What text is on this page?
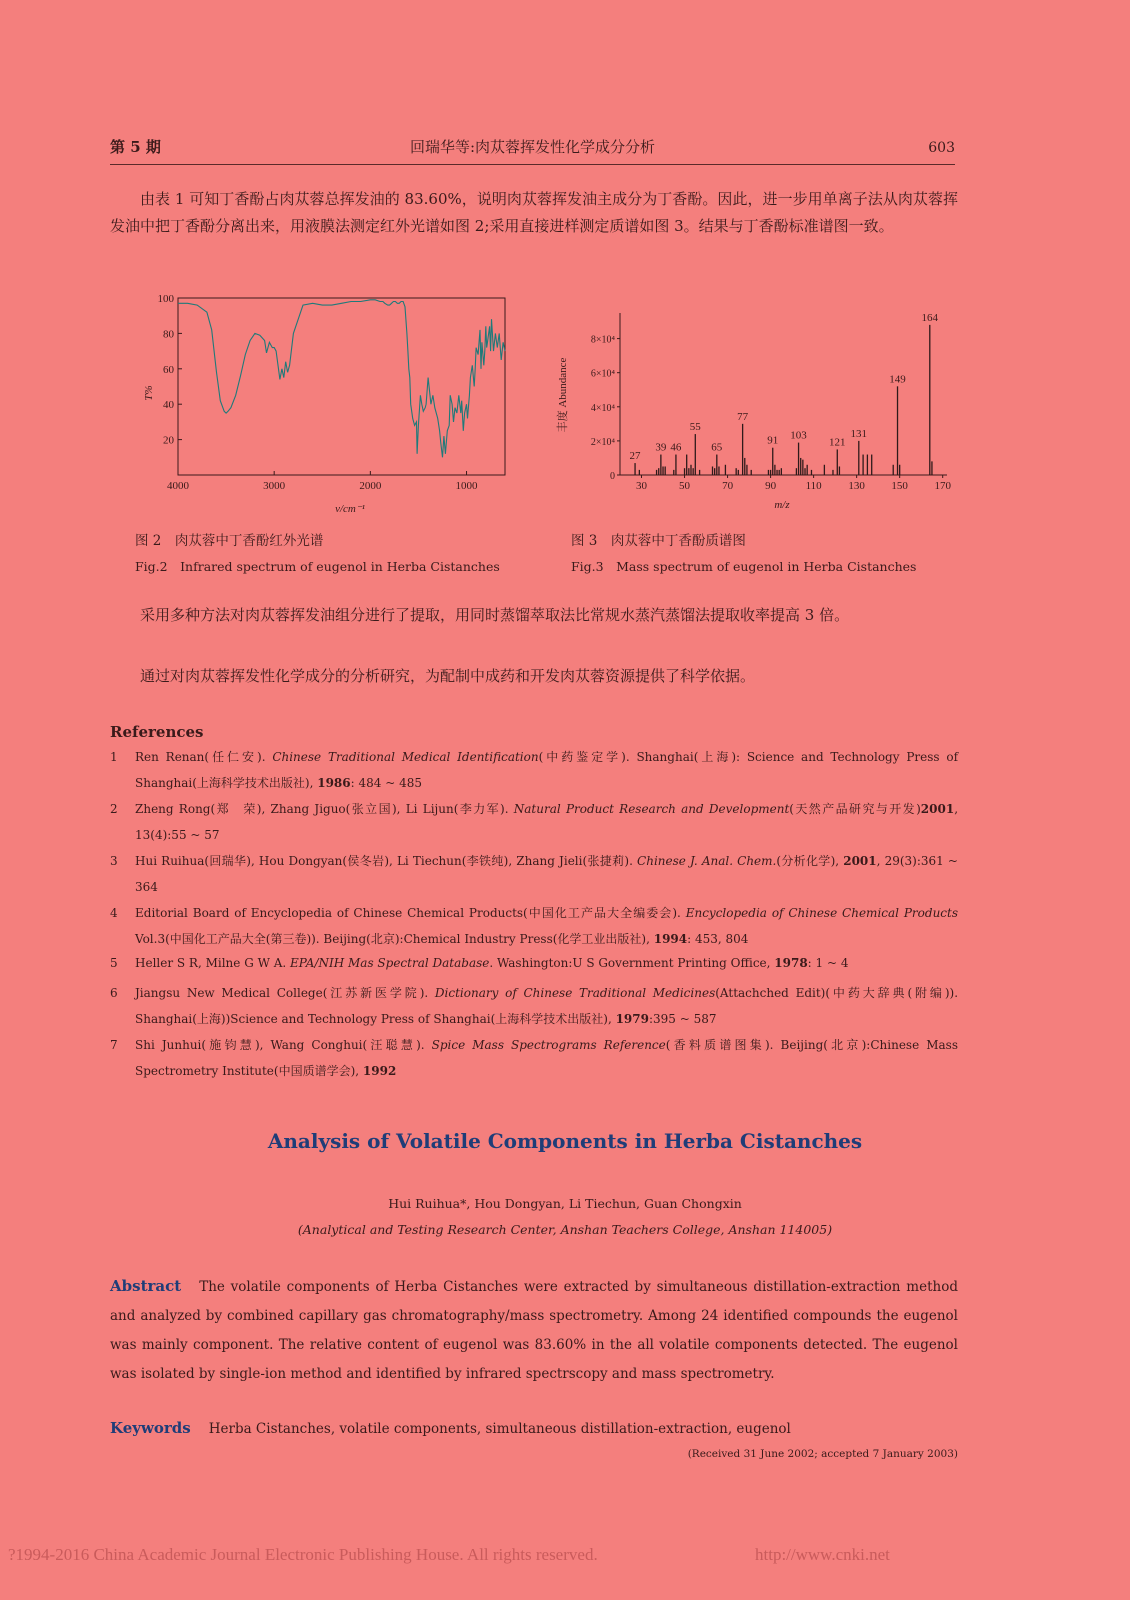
第 5 期	回瑞华等:肉苁蓉挥发性化学成分分析	603

由表 1 可知丁香酚占肉苁蓉总挥发油的 83.60%，说明肉苁蓉挥发油主成分为丁香酚。因此，进一步用单离子法从肉苁蓉挥发油中把丁香酚分离出来，用液膜法测定红外光谱如图 2;采用直接进样测定质谱如图 3。结果与丁香酚标准谱图一致。

4000	3000	2000	1000
100
80
60
40
20
v/cm⁻¹
T%
27
39 46
55
65
77
91 103
121
131
149
164
30	50	70	90	110 130 150 170
8×10⁴
6×10⁴
4×10⁴
2×10⁴
0
m/z
丰度 Abundance
图 2　肉苁蓉中丁香酚红外光谱
Fig.2　Infrared spectrum of eugenol in Herba Cistanches
图 3　肉苁蓉中丁香酚质谱图
Fig.3　Mass spectrum of eugenol in Herba Cistanches

采用多种方法对肉苁蓉挥发油组分进行了提取，用同时蒸馏萃取法比常规水蒸汽蒸馏法提取收率提高 3 倍。

通过对肉苁蓉挥发性化学成分的分析研究，为配制中成药和开发肉苁蓉资源提供了科学依据。

References
1 Ren Renan(任仁安). Chinese Traditional Medical Identification(中药鉴定学). Shanghai(上海): Science and Technology Press of Shanghai(上海科学技术出版社), 1986: 484 ~ 485
2 Zheng Rong(郑　荣), Zhang Jiguo(张立国), Li Lijun(李力军). Natural Product Research and Development(天然产品研究与开发)2001, 13(4):55 ~ 57
3 Hui Ruihua(回瑞华), Hou Dongyan(侯冬岩), Li Tiechun(李铁纯), Zhang Jieli(张捷莉). Chinese J. Anal. Chem.(分析化学), 2001, 29(3):361 ~ 364
4 Editorial Board of Encyclopedia of Chinese Chemical Products(中国化工产品大全编委会). Encyclopedia of Chinese Chemical Products Vol.3(中国化工产品大全(第三卷)). Beijing(北京):Chemical Industry Press(化学工业出版社), 1994: 453, 804
5 Heller S R, Milne G W A. EPA/NIH Mas Spectral Database. Washington:U S Government Printing Office, 1978: 1 ~ 4
6 Jiangsu New Medical College(江苏新医学院). Dictionary of Chinese Traditional Medicines(Attachched Edit)(中药大辞典(附编)). Shanghai(上海))Science and Technology Press of Shanghai(上海科学技术出版社), 1979:395 ~ 587
7 Shi Junhui(施钧慧), Wang Conghui(汪聪慧). Spice Mass Spectrograms Reference(香料质谱图集). Beijing(北京):Chinese Mass Spectrometry Institute(中国质谱学会), 1992
Analysis of Volatile Components in Herba Cistanches
Hui Ruihua*, Hou Dongyan, Li Tiechun, Guan Chongxin
(Analytical and Testing Research Center, Anshan Teachers College, Anshan 114005)
Abstract The volatile components of Herba Cistanches were extracted by simultaneous distillation-extraction method and analyzed by combined capillary gas chromatography/mass spectrometry. Among 24 identified compounds the eugenol was mainly component. The relative content of eugenol was 83.60% in the all volatile components detected. The eugenol was isolated by single-ion method and identified by infrared spectrscopy and mass spectrometry.
Keywords Herba Cistanches, volatile components, simultaneous distillation-extraction, eugenol
(Received 31 June 2002; accepted 7 January 2003)
?1994-2016 China Academic Journal Electronic Publishing House. All rights reserved.	http://www.cnki.net
